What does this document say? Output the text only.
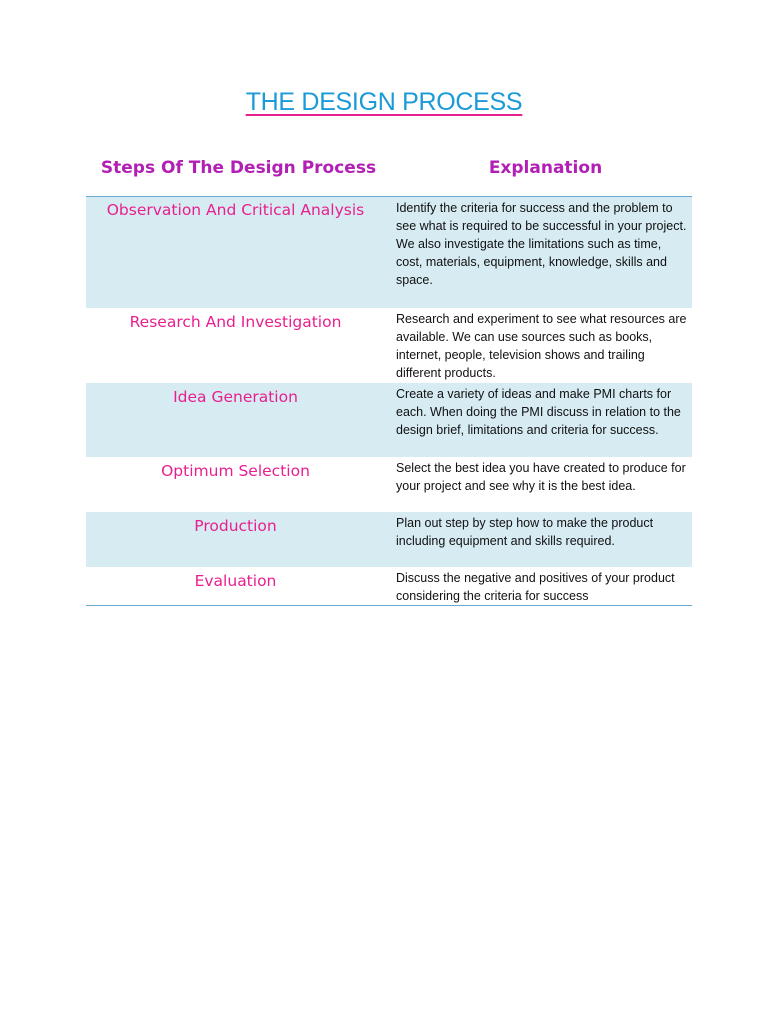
THE DESIGN PROCESS
Steps Of The Design Process	Explanation

Observation And Critical Analysis	Identify the criteria for success and the problem to see what is required to be successful in your project. We also investigate the limitations such as time, cost, materials, equipment, knowledge, skills and space.

Research And Investigation	Research and experiment to see what resources are available. We can use sources such as books, internet, people, television shows and trailing different products.

Idea Generation	Create a variety of ideas and make PMI charts for each. When doing the PMI discuss in relation to the design brief, limitations and criteria for success.

Optimum Selection	Select the best idea you have created to produce for your project and see why it is the best idea.

Production	Plan out step by step how to make the product including equipment and skills required.

Evaluation	Discuss the negative and positives of your product considering the criteria for success
